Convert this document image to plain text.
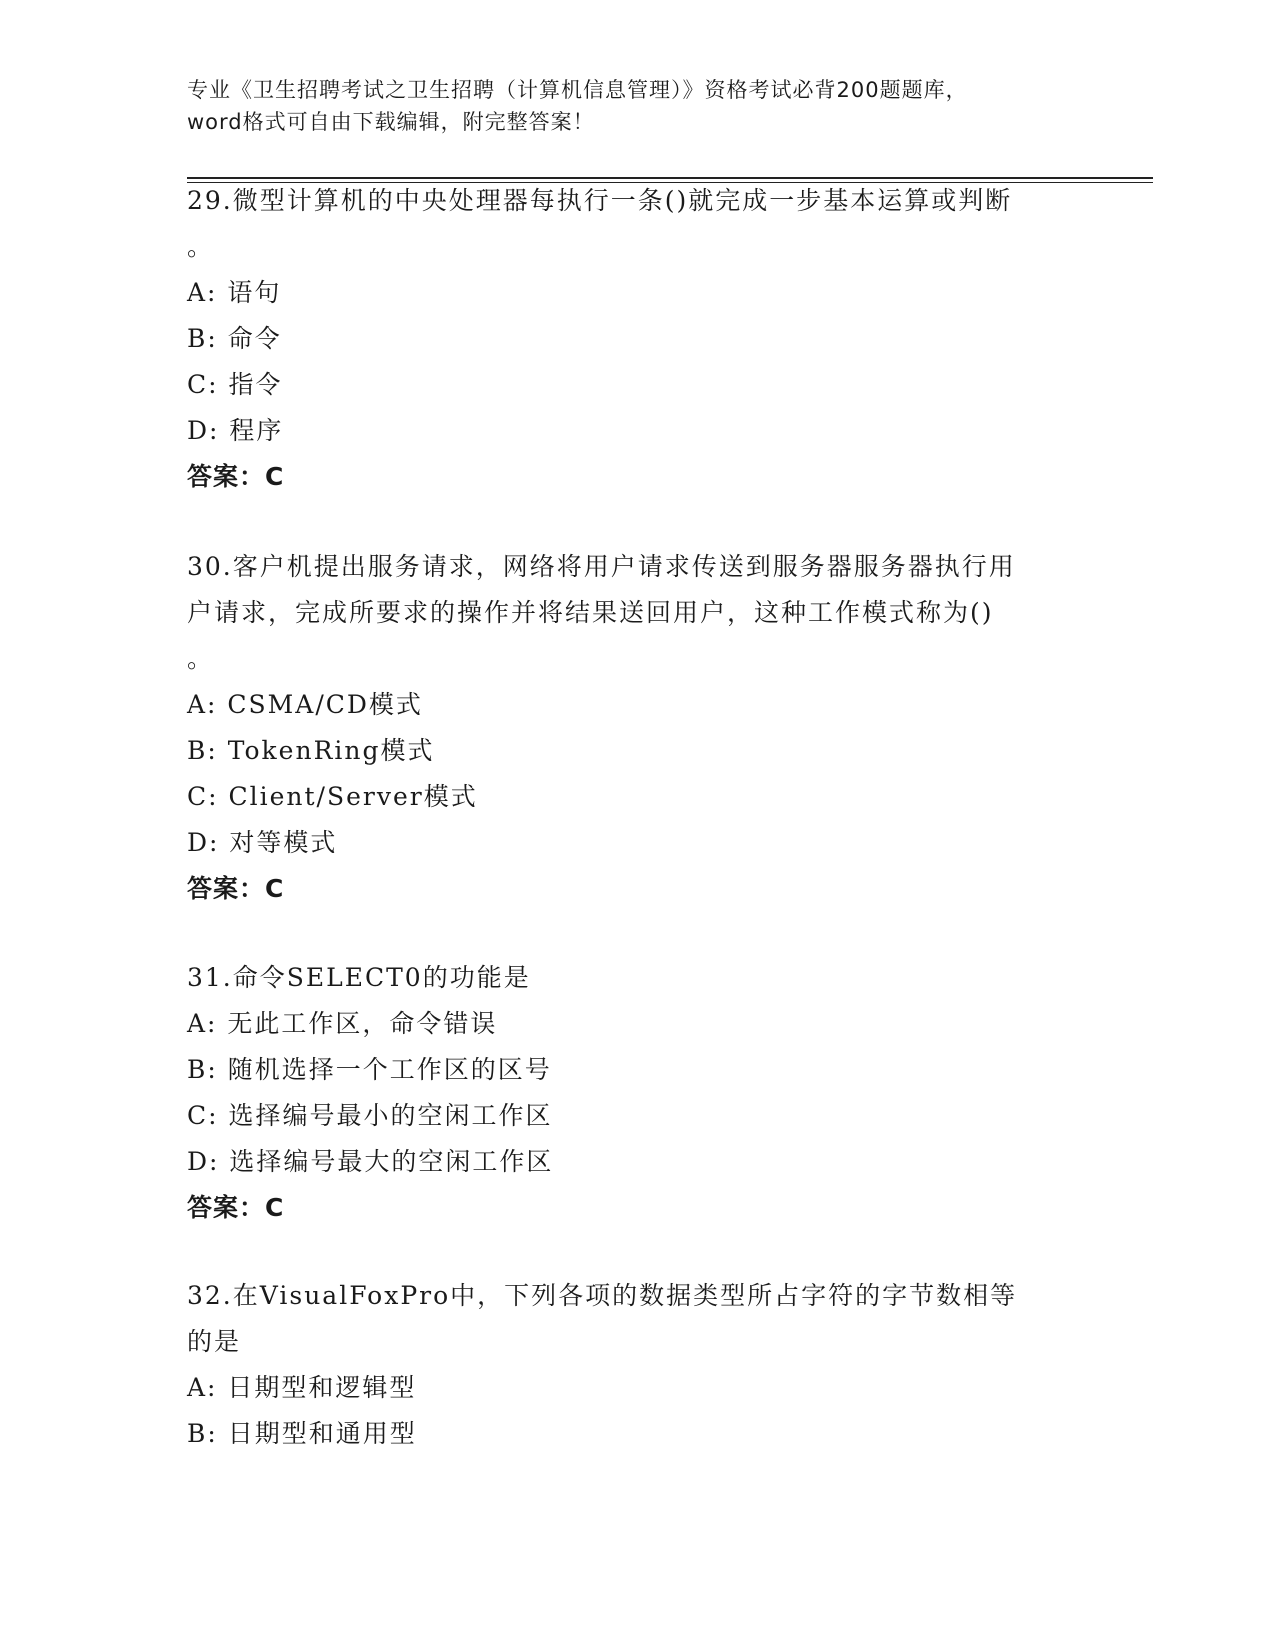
专业《卫生招聘考试之卫生招聘（计算机信息管理）》资格考试必背200题题库，
word格式可自由下载编辑，附完整答案！
29.微型计算机的中央处理器每执行一条()就完成一步基本运算或判断
。
A: 语句
B: 命令
C: 指令
D: 程序
答案：C
30.客户机提出服务请求，网络将用户请求传送到服务器服务器执行用
户请求，完成所要求的操作并将结果送回用户，这种工作模式称为()
。
A: CSMA/CD模式
B: TokenRing模式
C: Client/Server模式
D: 对等模式
答案：C
31.命令SELECT0的功能是
A: 无此工作区，命令错误
B: 随机选择一个工作区的区号
C: 选择编号最小的空闲工作区
D: 选择编号最大的空闲工作区
答案：C
32.在VisualFoxPro中，下列各项的数据类型所占字符的字节数相等
的是
A: 日期型和逻辑型
B: 日期型和通用型
